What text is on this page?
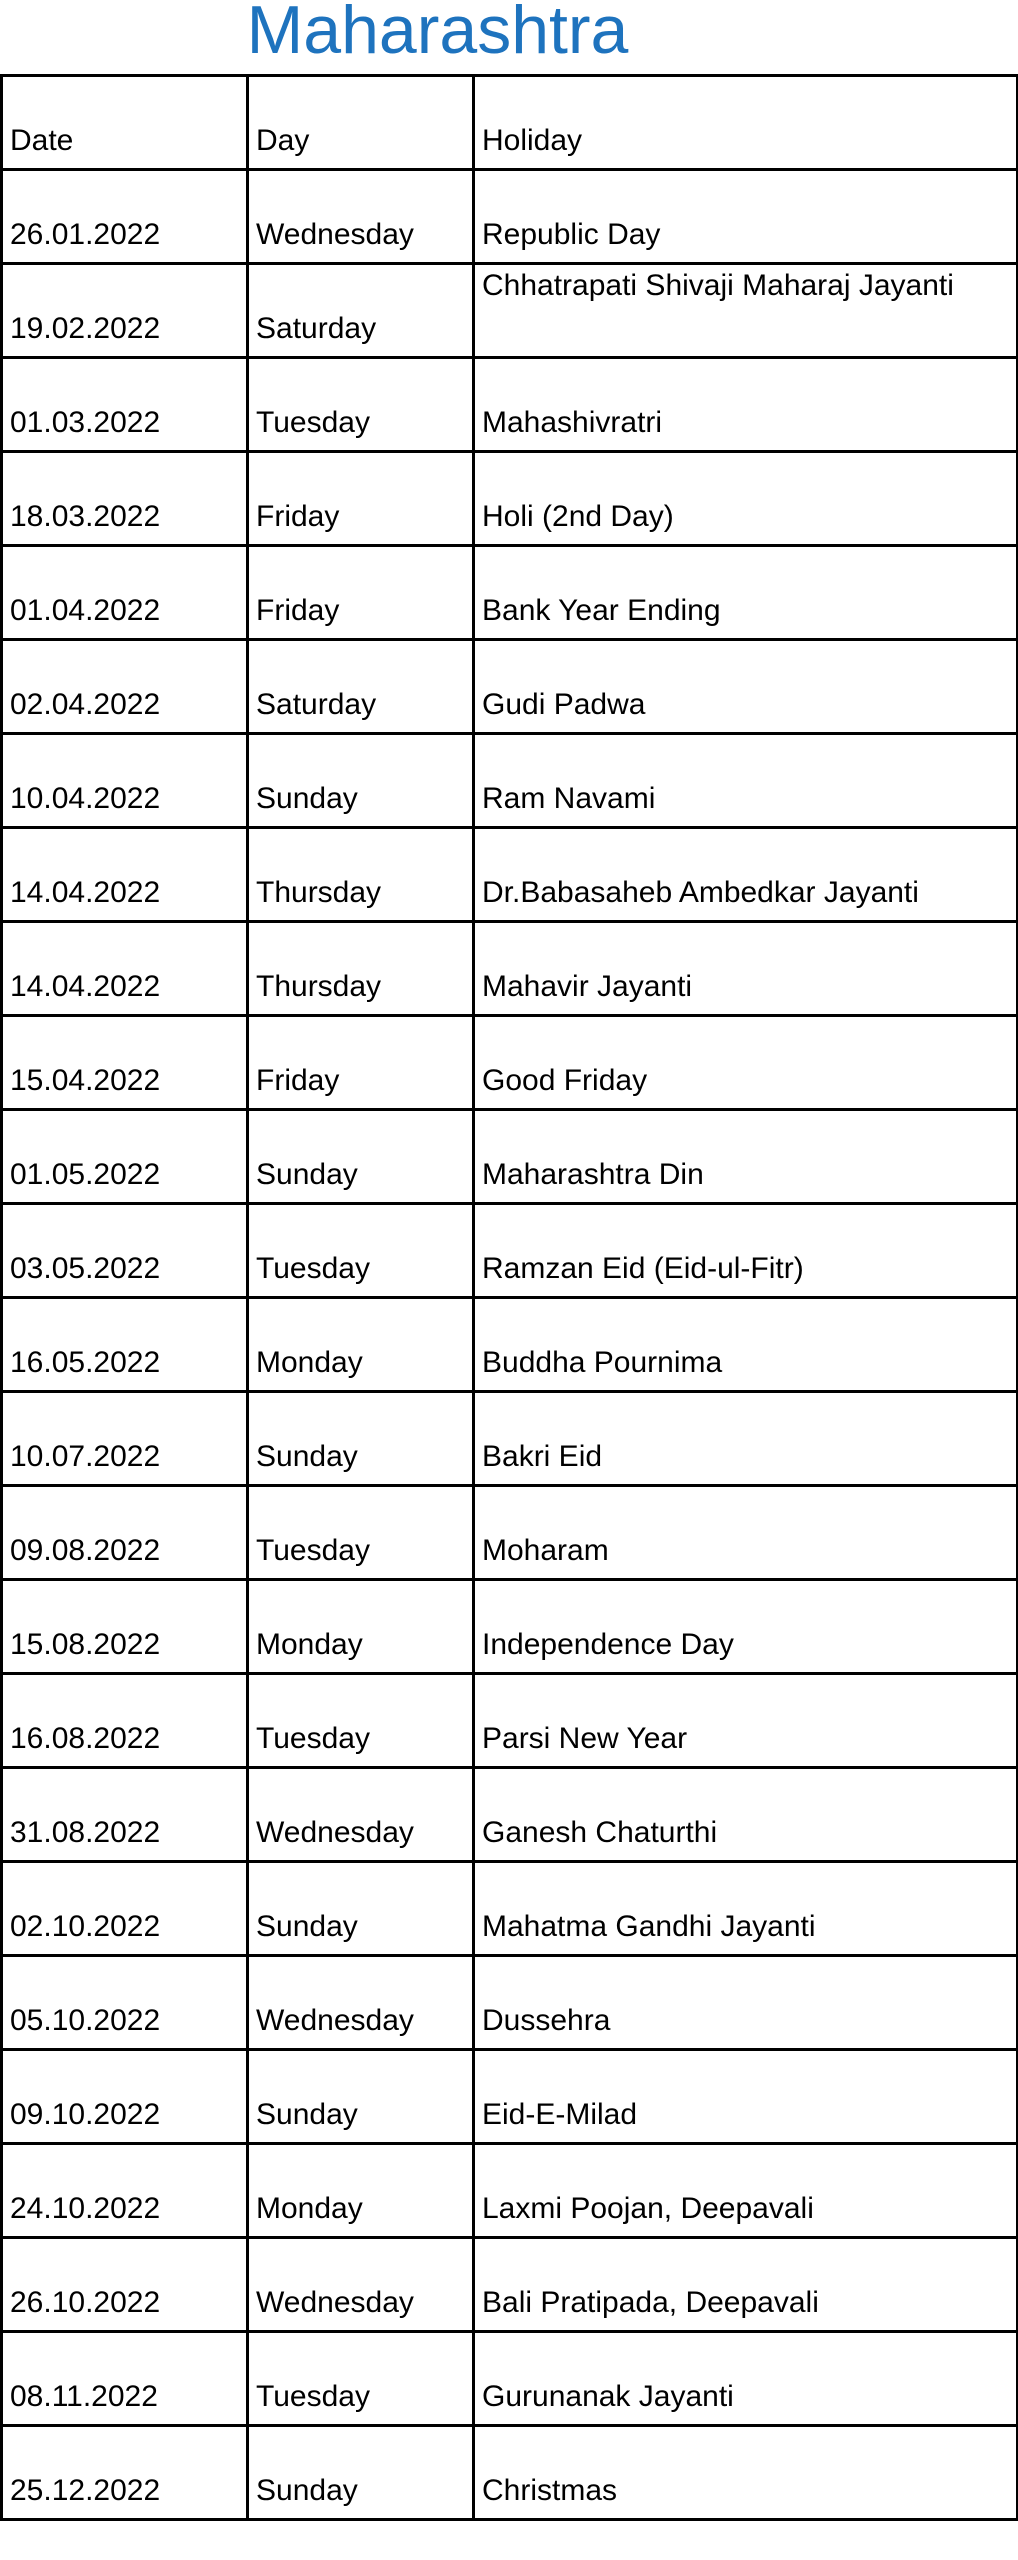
Maharashtra
Date	Day	Holiday

26.01.2022	Wednesday	Republic Day

19.02.2022	Saturday	Chhatrapati Shivaji Maharaj Jayanti

01.03.2022	Tuesday	Mahashivratri

18.03.2022	Friday	Holi (2nd Day)

01.04.2022	Friday	Bank Year Ending

02.04.2022	Saturday	Gudi Padwa

10.04.2022	Sunday	Ram Navami

14.04.2022	Thursday	Dr.Babasaheb Ambedkar Jayanti

14.04.2022	Thursday	Mahavir Jayanti

15.04.2022	Friday	Good Friday

01.05.2022	Sunday	Maharashtra Din

03.05.2022	Tuesday	Ramzan Eid (Eid-ul-Fitr)

16.05.2022	Monday	Buddha Pournima

10.07.2022	Sunday	Bakri Eid

09.08.2022	Tuesday	Moharam

15.08.2022	Monday	Independence Day

16.08.2022	Tuesday	Parsi New Year

31.08.2022	Wednesday	Ganesh Chaturthi

02.10.2022	Sunday	Mahatma Gandhi Jayanti

05.10.2022	Wednesday	Dussehra

09.10.2022	Sunday	Eid-E-Milad

24.10.2022	Monday	Laxmi Poojan, Deepavali

26.10.2022	Wednesday	Bali Pratipada, Deepavali

08.11.2022	Tuesday	Gurunanak Jayanti

25.12.2022	Sunday	Christmas
